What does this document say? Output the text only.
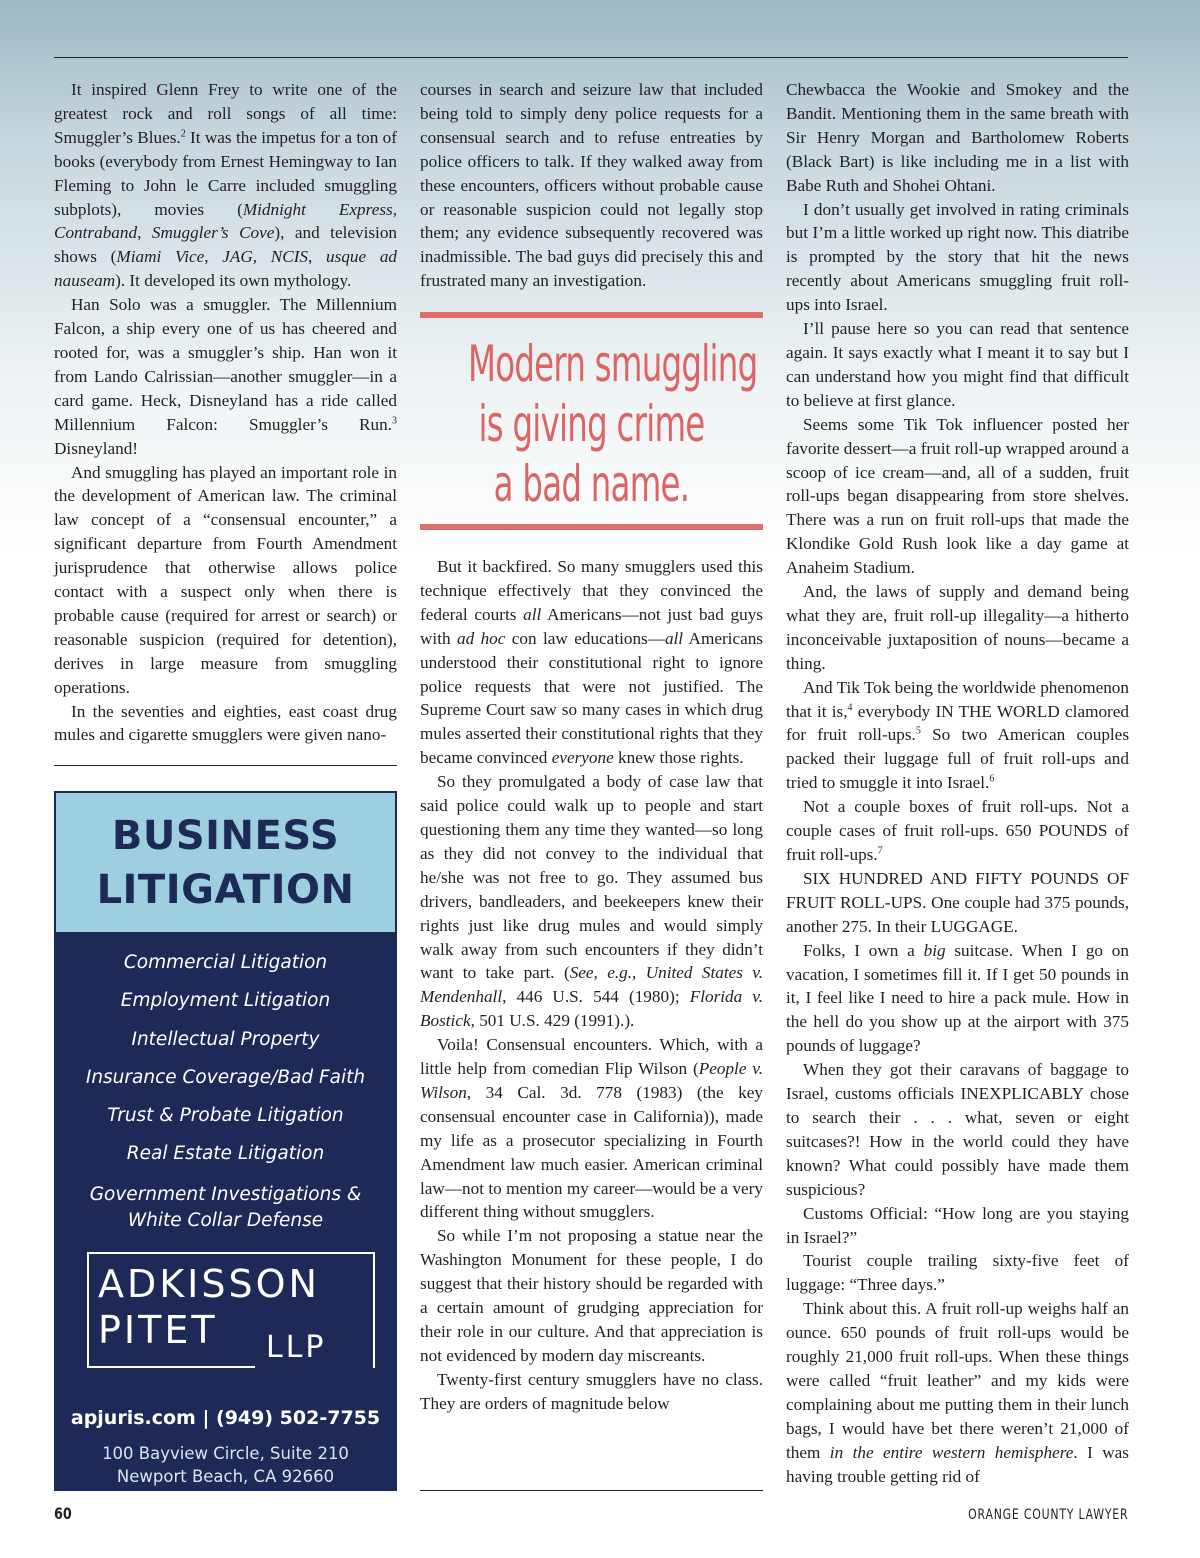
It inspired Glenn Frey to write one of the greatest rock and roll songs of all time: Smuggler’s Blues.$^2$ It was the impetus for a ton of books (everybody from Ernest Hemingway to Ian Fleming to John le Carre included smuggling subplots), movies (Midnight Express, Contraband, Smuggler’s Cove), and television shows (Miami Vice, JAG, NCIS, usque ad nauseam). It developed its own mythology.

Han Solo was a smuggler. The Millennium Falcon, a ship every one of us has cheered and rooted for, was a smuggler’s ship. Han won it from Lando Calrissian—another smuggler—in a card game. Heck, Disneyland has a ride called Millennium Falcon: Smuggler’s Run.$^3$ Disneyland!

And smuggling has played an important role in the development of American law. The criminal law concept of a “consensual encounter,” a significant departure from Fourth Amendment jurisprudence that otherwise allows police contact with a suspect only when there is probable cause (required for arrest or search) or reasonable suspicion (required for detention), derives in large measure from smuggling operations.

In the seventies and eighties, east coast drug mules and cigarette smugglers were given nano-

BUSINESS
LITIGATION
Commercial Litigation
Employment Litigation
Intellectual Property
Insurance Coverage/Bad Faith
Trust & Probate Litigation
Real Estate Litigation
Government Investigations &
White Collar Defense
ADKISSON
PITET	LLP
apjuris.com | (949) 502-7755
100 Bayview Circle, Suite 210
Newport Beach, CA 92660

courses in search and seizure law that included being told to simply deny police requests for a consensual search and to refuse entreaties by police officers to talk. If they walked away from these encounters, officers without probable cause or reasonable suspicion could not legally stop them; any evidence subsequently recovered was inadmissible. The bad guys did precisely this and frustrated many an investigation.

Modern smuggling
is giving crime
a bad name.

But it backfired. So many smugglers used this technique effectively that they convinced the federal courts all Americans—not just bad guys with ad hoc con law educations—all Americans understood their constitutional right to ignore police requests that were not justified. The Supreme Court saw so many cases in which drug mules asserted their constitutional rights that they became convinced everyone knew those rights.

So they promulgated a body of case law that said police could walk up to people and start questioning them any time they wanted—so long as they did not convey to the individual that he/she was not free to go. They assumed bus drivers, bandleaders, and beekeepers knew their rights just like drug mules and would simply walk away from such encounters if they didn’t want to take part. (See, e.g., United States v. Mendenhall, 446 U.S. 544 (1980); Florida v. Bostick, 501 U.S. 429 (1991).).

Voila! Consensual encounters. Which, with a little help from comedian Flip Wilson (People v. Wilson, 34 Cal. 3d. 778 (1983) (the key consensual encounter case in California)), made my life as a prosecutor specializing in Fourth Amendment law much easier. American criminal law—not to mention my career—would be a very different thing without smugglers.

So while I’m not proposing a statue near the Washington Monument for these people, I do suggest that their history should be regarded with a certain amount of grudging appreciation for their role in our culture. And that appreciation is not evidenced by modern day miscreants.

Twenty-first century smugglers have no class. They are orders of magnitude below

Chewbacca the Wookie and Smokey and the Bandit. Mentioning them in the same breath with Sir Henry Morgan and Bartholomew Roberts (Black Bart) is like including me in a list with Babe Ruth and Shohei Ohtani.

I don’t usually get involved in rating criminals but I’m a little worked up right now. This diatribe is prompted by the story that hit the news recently about Americans smuggling fruit roll-ups into Israel.

I’ll pause here so you can read that sentence again. It says exactly what I meant it to say but I can understand how you might find that difficult to believe at first glance.

Seems some Tik Tok influencer posted her favorite dessert—a fruit roll-up wrapped around a scoop of ice cream—and, all of a sudden, fruit roll-ups began disappearing from store shelves. There was a run on fruit roll-ups that made the Klondike Gold Rush look like a day game at Anaheim Stadium.

And, the laws of supply and demand being what they are, fruit roll-up illegality—a hitherto inconceivable juxtaposition of nouns—became a thing.

And Tik Tok being the worldwide phenomenon that it is,$^4$ everybody IN THE WORLD clamored for fruit roll-ups.$^5$ So two American couples packed their luggage full of fruit roll-ups and tried to smuggle it into Israel.$^6$

Not a couple boxes of fruit roll-ups. Not a couple cases of fruit roll-ups. 650 POUNDS of fruit roll-ups.$^7$

SIX HUNDRED AND FIFTY POUNDS OF FRUIT ROLL-UPS. One couple had 375 pounds, another 275. In their LUGGAGE.

Folks, I own a big suitcase. When I go on vacation, I sometimes fill it. If I get 50 pounds in it, I feel like I need to hire a pack mule. How in the hell do you show up at the airport with 375 pounds of luggage?

When they got their caravans of baggage to Israel, customs officials INEXPLICABLY chose to search their . . . what, seven or eight suitcases?! How in the world could they have known? What could possibly have made them suspicious?

Customs Official: “How long are you staying in Israel?”

Tourist couple trailing sixty-five feet of luggage: “Three days.”

Think about this. A fruit roll-up weighs half an ounce. 650 pounds of fruit roll-ups would be roughly 21,000 fruit roll-ups. When these things were called “fruit leather” and my kids were complaining about me putting them in their lunch bags, I would have bet there weren’t 21,000 of them in the entire western hemisphere. I was having trouble getting rid of

60	ORANGE COUNTY LAWYER
